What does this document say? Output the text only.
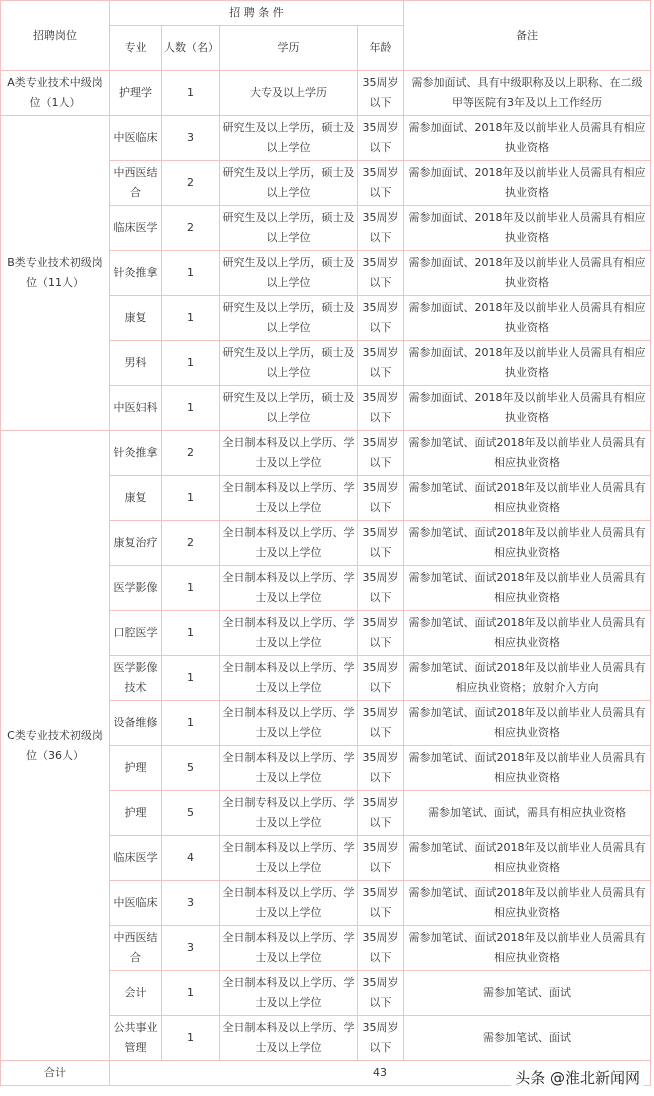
招聘岗位	招 聘 条 件				备注
	专业	人数（名）	学历	年龄	
A类专业技术中级岗位（1人）	护理学	1	大专及以上学历	35周岁以下	需参加面试、具有中级职称及以上职称、在二级甲等医院有3年及以上工作经历
B类专业技术初级岗位（11人）	中医临床	3	研究生及以上学历，硕士及以上学位	35周岁以下	需参加面试、2018年及以前毕业人员需具有相应执业资格
	中西医结合	2	研究生及以上学历，硕士及以上学位	35周岁以下	需参加面试、2018年及以前毕业人员需具有相应执业资格
	临床医学	2	研究生及以上学历，硕士及以上学位	35周岁以下	需参加面试、2018年及以前毕业人员需具有相应执业资格
	针灸推拿	1	研究生及以上学历，硕士及以上学位	35周岁以下	需参加面试、2018年及以前毕业人员需具有相应执业资格
	康复	1	研究生及以上学历，硕士及以上学位	35周岁以下	需参加面试、2018年及以前毕业人员需具有相应执业资格
	男科	1	研究生及以上学历，硕士及以上学位	35周岁以下	需参加面试、2018年及以前毕业人员需具有相应执业资格
	中医妇科	1	研究生及以上学历，硕士及以上学位	35周岁以下	需参加面试、2018年及以前毕业人员需具有相应执业资格
C类专业技术初级岗位（36人）	针灸推拿	2	全日制本科及以上学历、学士及以上学位	35周岁以下	需参加笔试、面试2018年及以前毕业人员需具有相应执业资格
	康复	1	全日制本科及以上学历、学士及以上学位	35周岁以下	需参加笔试、面试2018年及以前毕业人员需具有相应执业资格
	康复治疗	2	全日制本科及以上学历、学士及以上学位	35周岁以下	需参加笔试、面试2018年及以前毕业人员需具有相应执业资格
	医学影像	1	全日制本科及以上学历、学士及以上学位	35周岁以下	需参加笔试、面试2018年及以前毕业人员需具有相应执业资格
	口腔医学	1	全日制本科及以上学历、学士及以上学位	35周岁以下	需参加笔试、面试2018年及以前毕业人员需具有相应执业资格
	医学影像技术	1	全日制本科及以上学历、学士及以上学位	35周岁以下	需参加笔试、面试2018年及以前毕业人员需具有相应执业资格；放射介入方向
	设备维修	1	全日制本科及以上学历、学士及以上学位	35周岁以下	需参加笔试、面试2018年及以前毕业人员需具有相应执业资格
	护理	5	全日制本科及以上学历、学士及以上学位	35周岁以下	需参加笔试、面试2018年及以前毕业人员需具有相应执业资格
	护理	5	全日制专科及以上学历、学士及以上学位	35周岁以下	需参加笔试、面试，需具有相应执业资格
	临床医学	4	全日制本科及以上学历、学士及以上学位	35周岁以下	需参加笔试、面试2018年及以前毕业人员需具有相应执业资格
	中医临床	3	全日制本科及以上学历、学士及以上学位	35周岁以下	需参加笔试、面试2018年及以前毕业人员需具有相应执业资格
	中西医结合	3	全日制本科及以上学历、学士及以上学位	35周岁以下	需参加笔试、面试2018年及以前毕业人员需具有相应执业资格
	会计	1	全日制本科及以上学历、学士及以上学位	35周岁以下	需参加笔试、面试
	公共事业管理	1	全日制本科及以上学历、学士及以上学位	35周岁以下	需参加笔试、面试
合计	43					头条 @淮北新闻网
